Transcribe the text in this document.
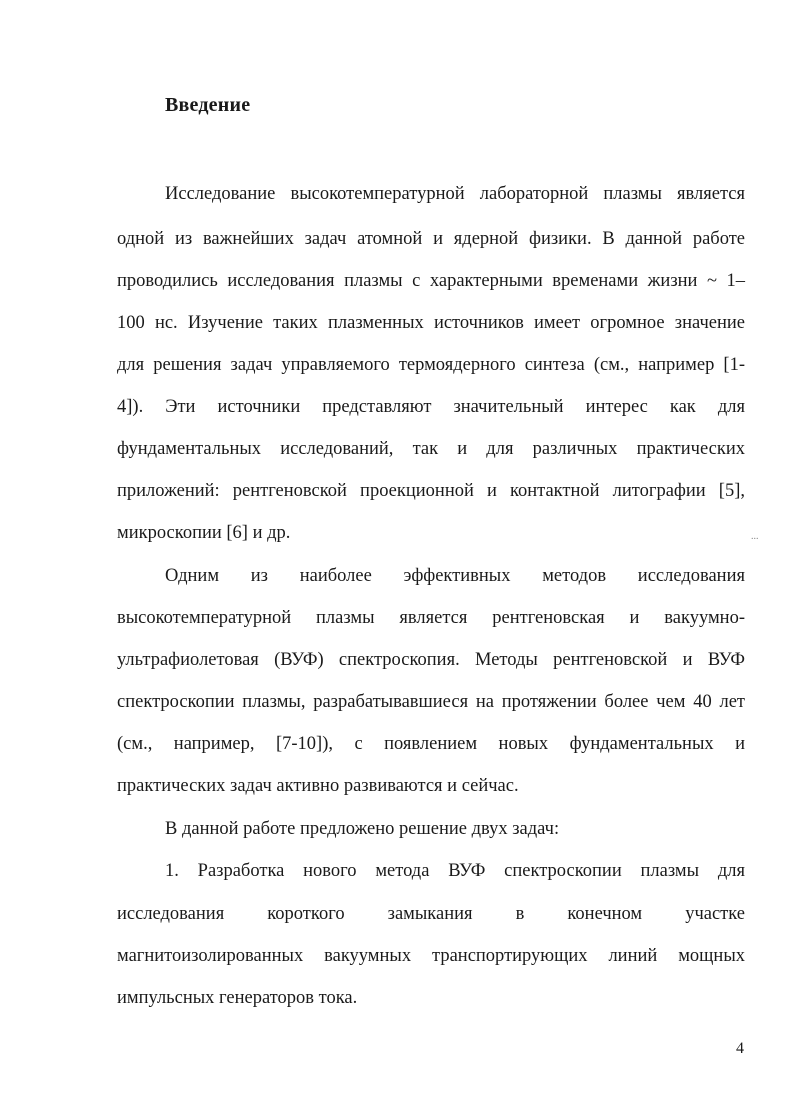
Введение
Исследование высокотемпературной лабораторной плазмы является
одной из важнейших задач атомной и ядерной физики. В данной работе
проводились исследования плазмы с характерными временами жизни ~ 1–
100 нс. Изучение таких плазменных источников имеет огромное значение
для решения задач управляемого термоядерного синтеза (см., например [1-
4]). Эти источники представляют значительный интерес как для
фундаментальных исследований, так и для различных практических
приложений: рентгеновской проекционной и контактной литографии [5],
микроскопии [6] и др.
Одним из наиболее эффективных методов исследования
высокотемпературной плазмы является рентгеновская и вакуумно-
ультрафиолетовая (ВУФ) спектроскопия. Методы рентгеновской и ВУФ
спектроскопии плазмы, разрабатывавшиеся на протяжении более чем 40 лет
(см., например, [7-10]), с появлением новых фундаментальных и
практических задач активно развиваются и сейчас.
В данной работе предложено решение двух задач:
1. Разработка нового метода ВУФ спектроскопии плазмы для
исследования короткого замыкания в конечном участке
магнитоизолированных вакуумных транспортирующих линий мощных
импульсных генераторов тока.
...
4
